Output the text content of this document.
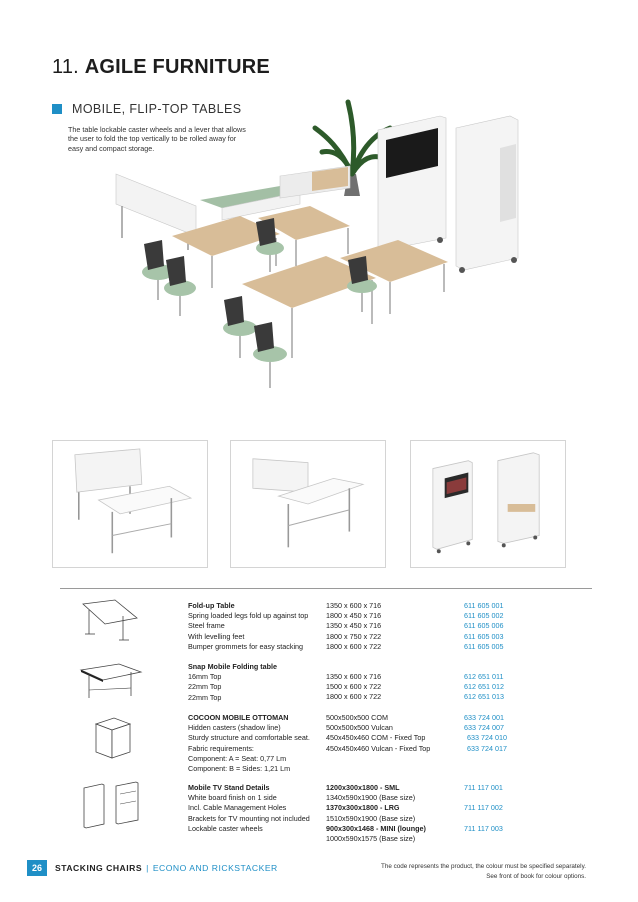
11. AGILE FURNITURE
MOBILE, FLIP-TOP TABLES
The table lockable caster wheels and a lever that allows the user to fold the top vertically to be rolled away for easy and compact storage.
Fold-up Table
Spring loaded legs fold up against top
Steel frame
With levelling feet
Bumper grommets for easy stacking
1350 x 600 x 716
1800 x 450 x 716
1350 x 450 x 716
1800 x 750 x 722
1800 x 600 x 722
611 605 001
611 605 002
611 605 006
611 605 003
611 605 005
Snap Mobile Folding table
16mm Top
22mm Top
22mm Top
1350 x 600 x 716
1500 x 600 x 722
1800 x 600 x 722
612 651 011
612 651 012
612 651 013
COCOON MOBILE OTTOMAN
Hidden casters (shadow line)
Sturdy structure and comfortable seat.
Fabric requirements:
Component: A = Seat: 0,77 Lm
Component: B = Sides: 1,21 Lm
500x500x500 COM
500x500x500 Vulcan
450x450x460 COM - Fixed Top
450x450x460 Vulcan - Fixed Top
633 724 001
633 724 007
633 724 010
633 724 017
Mobile TV Stand Details
White board finish on 1 side
Incl. Cable Management Holes
Brackets for TV mounting not included
Lockable caster wheels
1200x300x1800 - SML
1340x590x1900 (Base size)
1370x300x1800 - LRG
1510x590x1900 (Base size)
900x300x1468 - MINI (lounge)
1000x590x1575 (Base size)
711 117 001

711 117 002

711 117 003
26	STACKING CHAIRS | ECONO AND RICKSTACKER	The code represents the product, the colour must be specified separately.
See front of book for colour options.
